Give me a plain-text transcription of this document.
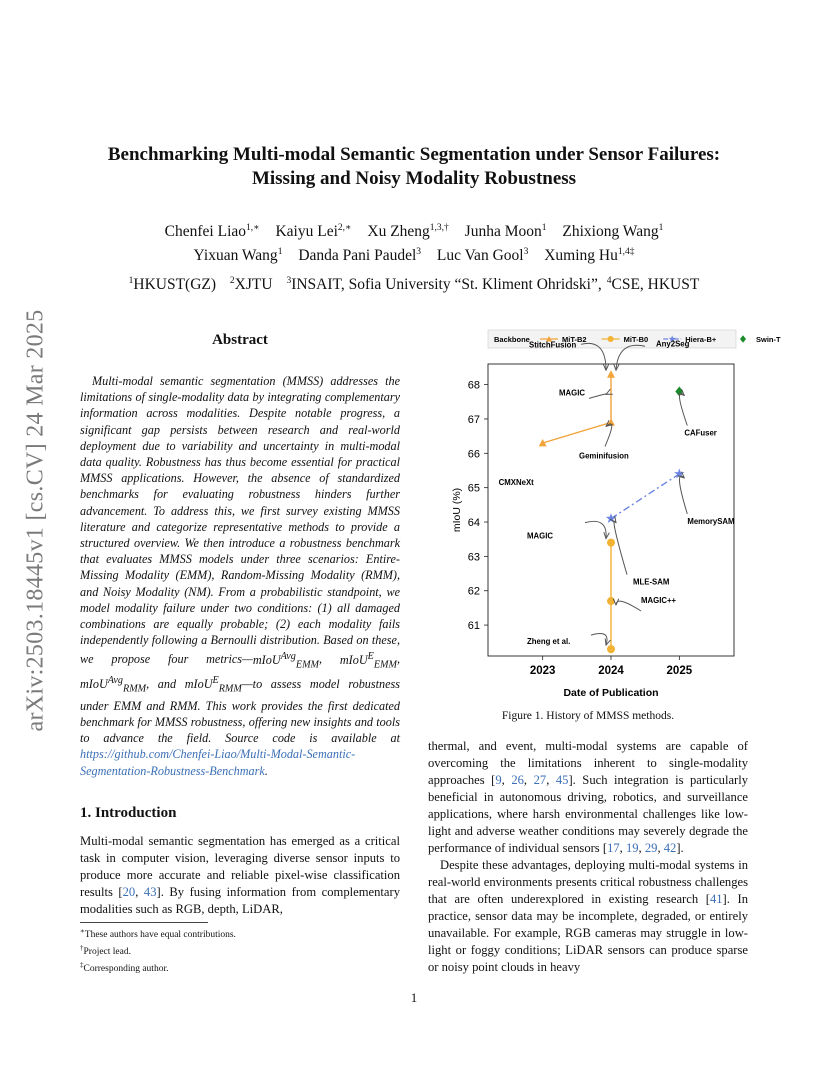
arXiv:2503.18445v1 [cs.CV] 24 Mar 2025
Benchmarking Multi-modal Semantic Segmentation under Sensor Failures:
Missing and Noisy Modality Robustness
Chenfei Liao$^{1,∗}$ Kaiyu Lei$^{2,∗}$ Xu Zheng$^{1,3,\dagger}$ Junha Moon$^1$ Zhixiong Wang$^1$
Yixuan Wang$^1$ Danda Pani Paudel$^3$ Luc Van Gool$^3$ Xuming $Hu^{1,4\ddagger}$
$^1$HKUST(GZ) $^2$XJTU $^3$INSAIT, Sofia University “St. Kliment Ohridski”, $^4$CSE, HKUST
Abstract

Multi-modal semantic segmentation (MMSS) addresses the limitations of single-modality data by integrating complementary information across modalities. Despite notable progress, a significant gap persists between research and real-world deployment due to variability and uncertainty in multi-modal data quality. Robustness has thus become essential for practical MMSS applications. However, the absence of standardized benchmarks for evaluating robustness hinders further advancement. To address this, we first survey existing MMSS literature and categorize representative methods to provide a structured overview. We then introduce a robustness benchmark that evaluates MMSS models under three scenarios: Entire-Missing Modality (EMM), Random-Missing Modality (RMM), and Noisy Modality (NM). From a probabilistic standpoint, we model modality failure under two conditions: (1) all damaged combinations are equally probable; (2) each modality fails independently following a Bernoulli distribution. Based on these, we propose four metrics—mIoU$^{Avg}_{EMM}$, mIoU$^E_{EMM}$, mIoU$^{Avg}_{RMM}$, and mIoU$^E_{RMM}$—to assess model robustness under EMM and RMM. This work provides the first dedicated benchmark for MMSS robustness, offering new insights and tools to advance the field. Source code is available at https://github.com/Chenfei-Liao/Multi-Modal-Semantic-Segmentation-Robustness-Benchmark.

1. Introduction

Multi-modal semantic segmentation has emerged as a critical task in computer vision, leveraging diverse sensor inputs to produce more accurate and reliable pixel-wise classification results [20, 43]. By fusing information from complementary modalities such as RGB, depth, LiDAR,

∗These authors have equal contributions.
†Project lead.
‡Corresponding author.
Backbone	MiT-B2	MiT-B0	Hiera-B+	Swin-T
61
62
63
64
65
66
67
68
2023	2024	2025
Date of Publication
mIoU (%)
StitchFusion	Any2Seg
MAGIC
CAFuser
Geminifusion
CMXNeXt
MemorySAM
MAGIC
MLE-SAM
MAGIC++
Zheng et al.
Figure 1. History of MMSS methods.

thermal, and event, multi-modal systems are capable of overcoming the limitations inherent to single-modality approaches [9, 26, 27, 45]. Such integration is particularly beneficial in autonomous driving, robotics, and surveillance applications, where harsh environmental challenges like low-light and adverse weather conditions may severely degrade the performance of individual sensors [17, 19, 29, 42].

Despite these advantages, deploying multi-modal systems in real-world environments presents critical robustness challenges that are often underexplored in existing research [41]. In practice, sensor data may be incomplete, degraded, or entirely unavailable. For example, RGB cameras may struggle in low-light or foggy conditions; LiDAR sensors can produce sparse or noisy point clouds in heavy

1
